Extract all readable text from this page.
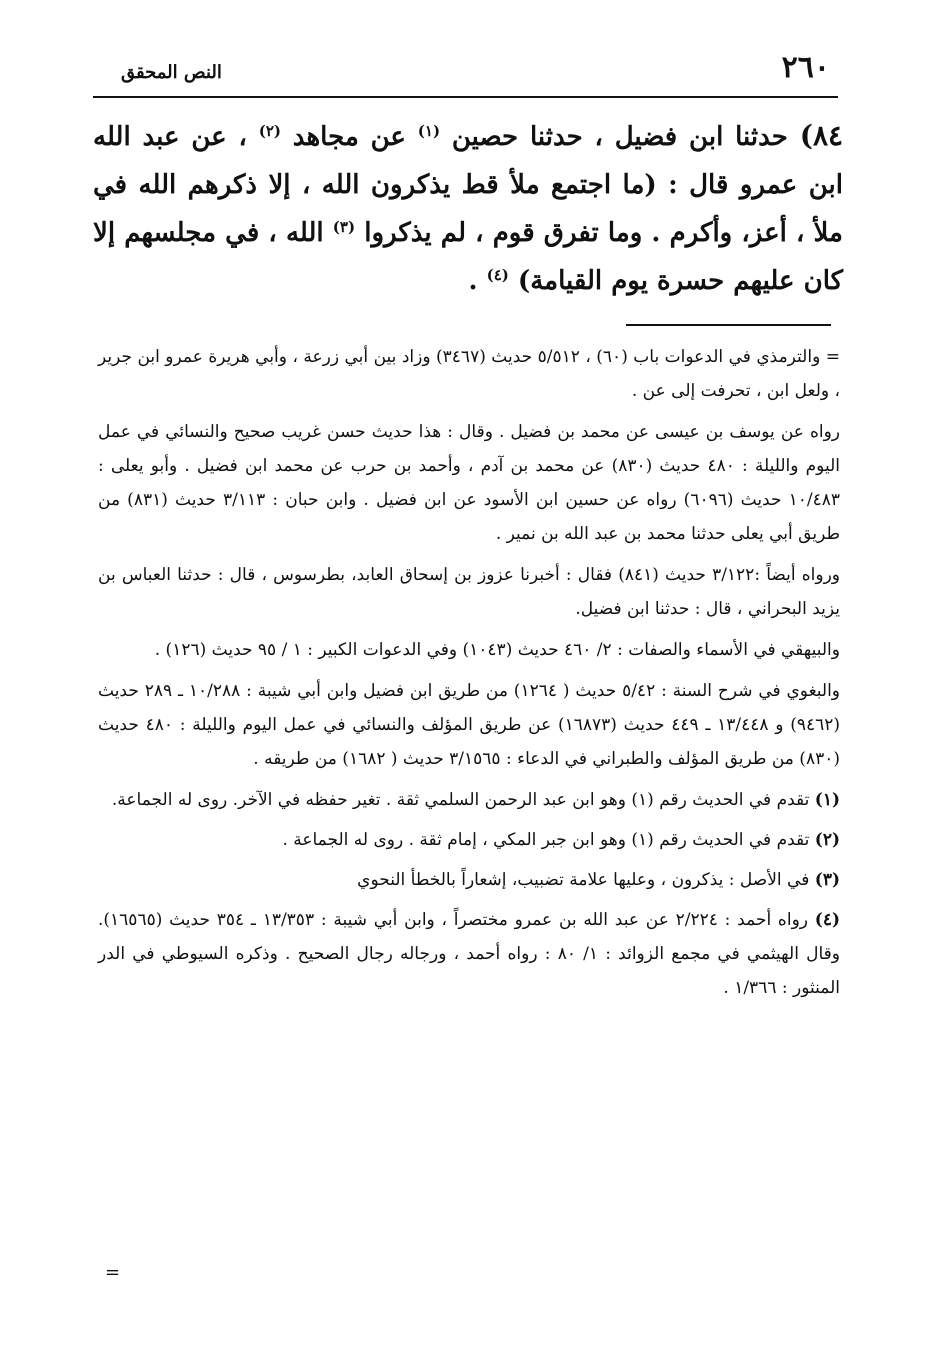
٢٦٠
النص المحقق
٨٤) حدثنا ابن فضيل ، حدثنا حصين $^{(١)}$ عن مجاهد $^{(٢)}$ ، عن عبد الله ابن عمرو قال : (ما اجتمع ملأ قط يذكرون الله ، إلا ذكرهم الله في ملأ ، أعز، وأكرم . وما تفرق قوم ، لم يذكروا $^{(٣)}$ الله ، في مجلسهم إلا كان عليهم حسرة يوم القيامة) $^{(٤)}$ .

= والترمذي في الدعوات باب (٦٠) ، ٥/٥١٢ حديث (٣٤٦٧) وزاد بين أبي زرعة ، وأبي هريرة عمرو ابن جرير ، ولعل ابن ، تحرفت إلى عن .

رواه عن يوسف بن عيسى عن محمد بن فضيل . وقال : هذا حديث حسن غريب صحيح والنسائي في عمل اليوم والليلة : ٤٨٠ حديث (٨٣٠) عن محمد بن آدم ، وأحمد بن حرب عن محمد ابن فضيل . وأبو يعلى : ١٠/٤٨٣ حديث (٦٠٩٦) رواه عن حسين ابن الأسود عن ابن فضيل . وابن حبان : ٣/١١٣ حديث (٨٣١) من طريق أبي يعلى حدثنا محمد بن عبد الله بن نمير .

ورواه أيضاً :٣/١٢٢ حديث (٨٤١) فقال : أخبرنا عزوز بن إسحاق العابد، بطرسوس ، قال : حدثنا العباس بن يزيد البحراني ، قال : حدثنا ابن فضيل.

والبيهقي في الأسماء والصفات : ٢/ ٤٦٠ حديث (١٠٤٣) وفي الدعوات الكبير : ١ / ٩٥ حديث (١٢٦) .

والبغوي في شرح السنة : ٥/٤٢ حديث ( ١٢٦٤) من طريق ابن فضيل وابن أبي شيبة : ١٠/٢٨٨ ـ ٢٨٩ حديث (٩٤٦٢) و ١٣/٤٤٨ ـ ٤٤٩ حديث (١٦٨٧٣) عن طريق المؤلف والنسائي في عمل اليوم والليلة : ٤٨٠ حديث (٨٣٠) من طريق المؤلف والطبراني في الدعاء : ٣/١٥٦٥ حديث ( ١٦٨٢) من طريقه .

(١) تقدم في الحديث رقم (١) وهو ابن عبد الرحمن السلمي ثقة . تغير حفظه في الآخر. روى له الجماعة.

(٢) تقدم في الحديث رقم (١) وهو ابن جبر المكي ، إمام ثقة . روى له الجماعة .

(٣) في الأصل : يذكرون ، وعليها علامة تضبيب، إشعاراً بالخطأ النحوي

(٤) رواه أحمد : ٢/٢٢٤ عن عبد الله بن عمرو مختصراً ، وابن أبي شيبة : ١٣/٣٥٣ ـ ٣٥٤ حديث (١٦٥٦٥). وقال الهيثمي في مجمع الزوائد : ١/ ٨٠ : رواه أحمد ، ورجاله رجال الصحيح . وذكره السيوطي في الدر المنثور : ١/٣٦٦ .

=
